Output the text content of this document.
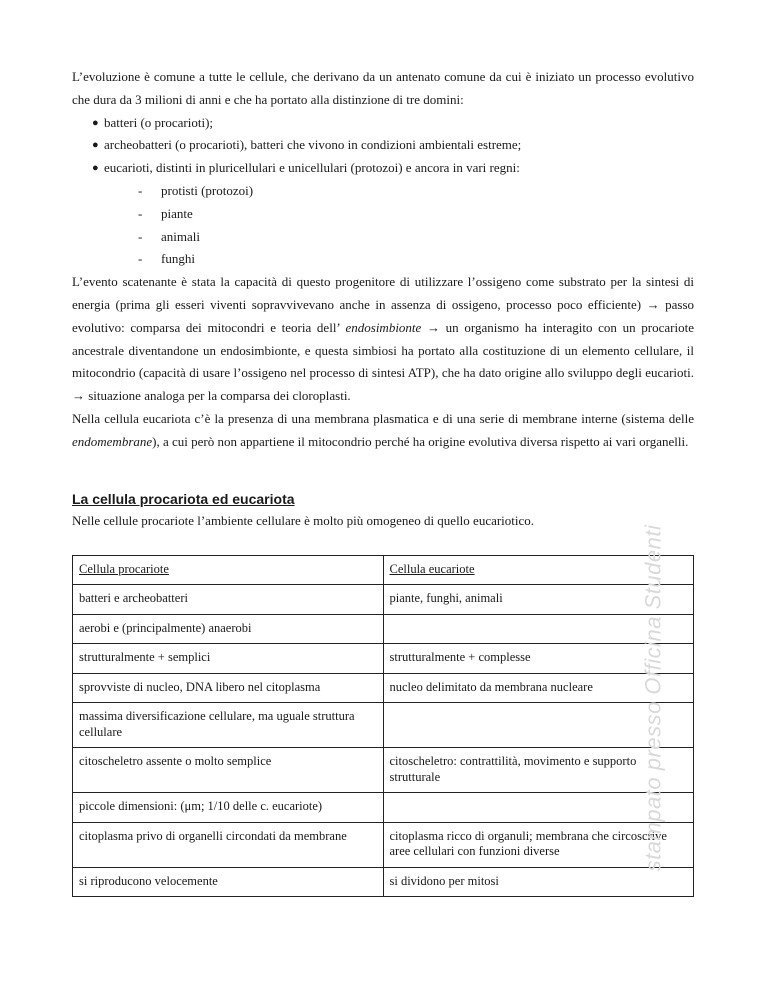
L’evoluzione è comune a tutte le cellule, che derivano da un antenato comune da cui è iniziato un processo evolutivo che dura da 3 milioni di anni e che ha portato alla distinzione di tre domini:

● batteri (o procarioti);
● archeobatteri (o procarioti), batteri che vivono in condizioni ambientali estreme;
● eucarioti, distinti in pluricellulari e unicellulari (protozoi) e ancora in vari regni:
- protisti (protozoi)
- piante
- animali
- funghi

L’evento scatenante è stata la capacità di questo progenitore di utilizzare l’ossigeno come substrato per la sintesi di energia (prima gli esseri viventi sopravvivevano anche in assenza di ossigeno, processo poco efficiente) → passo evolutivo: comparsa dei mitocondri e teoria dell’ endosimbionte → un organismo ha interagito con un procariote ancestrale diventandone un endosimbionte, e questa simbiosi ha portato alla costituzione di un elemento cellulare, il mitocondrio (capacità di usare l’ossigeno nel processo di sintesi ATP), che ha dato origine allo sviluppo degli eucarioti. → situazione analoga per la comparsa dei cloroplasti.

Nella cellula eucariota c’è la presenza di una membrana plasmatica e di una serie di membrane interne (sistema delle endomembrane), a cui però non appartiene il mitocondrio perché ha origine evolutiva diversa rispetto ai vari organelli.

La cellula procariota ed eucariota

Nelle cellule procariote l’ambiente cellulare è molto più omogeneo di quello eucariotico.

Cellula procariote	Cellula eucariote
batteri e archeobatteri	piante, funghi, animali
aerobi e (principalmente) anaerobi	
strutturalmente + semplici	strutturalmente + complesse
sprovviste di nucleo, DNA libero nel citoplasma	nucleo delimitato da membrana nucleare
massima diversificazione cellulare, ma uguale struttura cellulare	
citoscheletro assente o molto semplice	citoscheletro: contrattilità, movimento e supporto strutturale
piccole dimensioni: (μm; 1/10 delle c. eucariote)	
citoplasma privo di organelli circondati da membrane	citoplasma ricco di organuli; membrana che circoscrive aree cellulari con funzioni diverse
si riproducono velocemente	si dividono per mitosi
stampato presso Officina Studenti
